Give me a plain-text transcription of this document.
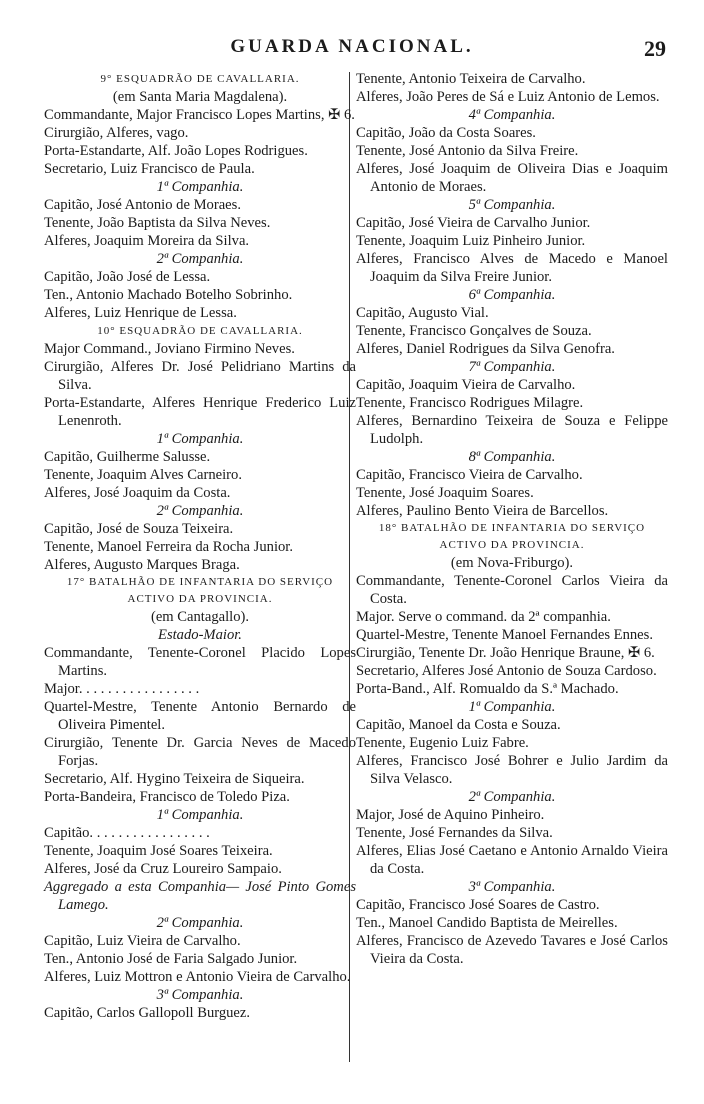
GUARDA NACIONAL.	29
9° ESQUADRÃO DE CAVALLARIA.
(em Santa Maria Magdalena).
Commandante, Major Francisco Lopes Martins, ✠ 6.
Cirurgião, Alferes, vago.
Porta-Estandarte, Alf. João Lopes Rodrigues.
Secretario, Luiz Francisco de Paula.
1ª Companhia.
Capitão, José Antonio de Moraes.
Tenente, João Baptista da Silva Neves.
Alferes, Joaquim Moreira da Silva.
2ª Companhia.
Capitão, João José de Lessa.
Ten., Antonio Machado Botelho Sobrinho.
Alferes, Luiz Henrique de Lessa.
10° ESQUADRÃO DE CAVALLARIA.
Major Command., Joviano Firmino Neves.
Cirurgião, Alferes Dr. José Pelidriano Martins da Silva.
Porta-Estandarte, Alferes Henrique Frederico Luiz Lenenroth.
1ª Companhia.
Capitão, Guilherme Salusse.
Tenente, Joaquim Alves Carneiro.
Alferes, José Joaquim da Costa.
2ª Companhia.
Capitão, José de Souza Teixeira.
Tenente, Manoel Ferreira da Rocha Junior.
Alferes, Augusto Marques Braga.
17° BATALHÃO DE INFANTARIA DO SERVIÇO ACTIVO DA PROVINCIA.
(em Cantagallo).
Estado-Maior.
Commandante, Tenente-Coronel Placido Lopes Martins.
Major. . . . . . . . . . . . . . . . .
Quartel-Mestre, Tenente Antonio Bernardo de Oliveira Pimentel.
Cirurgião, Tenente Dr. Garcia Neves de Macedo Forjas.
Secretario, Alf. Hygino Teixeira de Siqueira.
Porta-Bandeira, Francisco de Toledo Piza.
1ª Companhia.
Capitão. . . . . . . . . . . . . . . . .
Tenente, Joaquim José Soares Teixeira.
Alferes, José da Cruz Loureiro Sampaio.
Aggregado a esta Companhia— José Pinto Gomes Lamego.
2ª Companhia.
Capitão, Luiz Vieira de Carvalho.
Ten., Antonio José de Faria Salgado Junior.
Alferes, Luiz Mottron e Antonio Vieira de Carvalho.
3ª Companhia.
Capitão, Carlos Gallopoll Burguez.
Tenente, Antonio Teixeira de Carvalho.
Alferes, João Peres de Sá e Luiz Antonio de Lemos.
4ª Companhia.
Capitão, João da Costa Soares.
Tenente, José Antonio da Silva Freire.
Alferes, José Joaquim de Oliveira Dias e Joaquim Antonio de Moraes.
5ª Companhia.
Capitão, José Vieira de Carvalho Junior.
Tenente, Joaquim Luiz Pinheiro Junior.
Alferes, Francisco Alves de Macedo e Manoel Joaquim da Silva Freire Junior.
6ª Companhia.
Capitão, Augusto Vial.
Tenente, Francisco Gonçalves de Souza.
Alferes, Daniel Rodrigues da Silva Genofra.
7ª Companhia.
Capitão, Joaquim Vieira de Carvalho.
Tenente, Francisco Rodrigues Milagre.
Alferes, Bernardino Teixeira de Souza e Felippe Ludolph.
8ª Companhia.
Capitão, Francisco Vieira de Carvalho.
Tenente, José Joaquim Soares.
Alferes, Paulino Bento Vieira de Barcellos.
18° BATALHÃO DE INFANTARIA DO SERVIÇO ACTIVO DA PROVINCIA.
(em Nova-Friburgo).
Commandante, Tenente-Coronel Carlos Vieira da Costa.
Major. Serve o command. da 2ª companhia.
Quartel-Mestre, Tenente Manoel Fernandes Ennes.
Cirurgião, Tenente Dr. João Henrique Braune, ✠ 6.
Secretario, Alferes José Antonio de Souza Cardoso.
Porta-Band., Alf. Romualdo da S.ª Machado.
1ª Companhia.
Capitão, Manoel da Costa e Souza.
Tenente, Eugenio Luiz Fabre.
Alferes, Francisco José Bohrer e Julio Jardim da Silva Velasco.
2ª Companhia.
Major, José de Aquino Pinheiro.
Tenente, José Fernandes da Silva.
Alferes, Elias José Caetano e Antonio Arnaldo Vieira da Costa.
3ª Companhia.
Capitão, Francisco José Soares de Castro.
Ten., Manoel Candido Baptista de Meirelles.
Alferes, Francisco de Azevedo Tavares e José Carlos Vieira da Costa.
